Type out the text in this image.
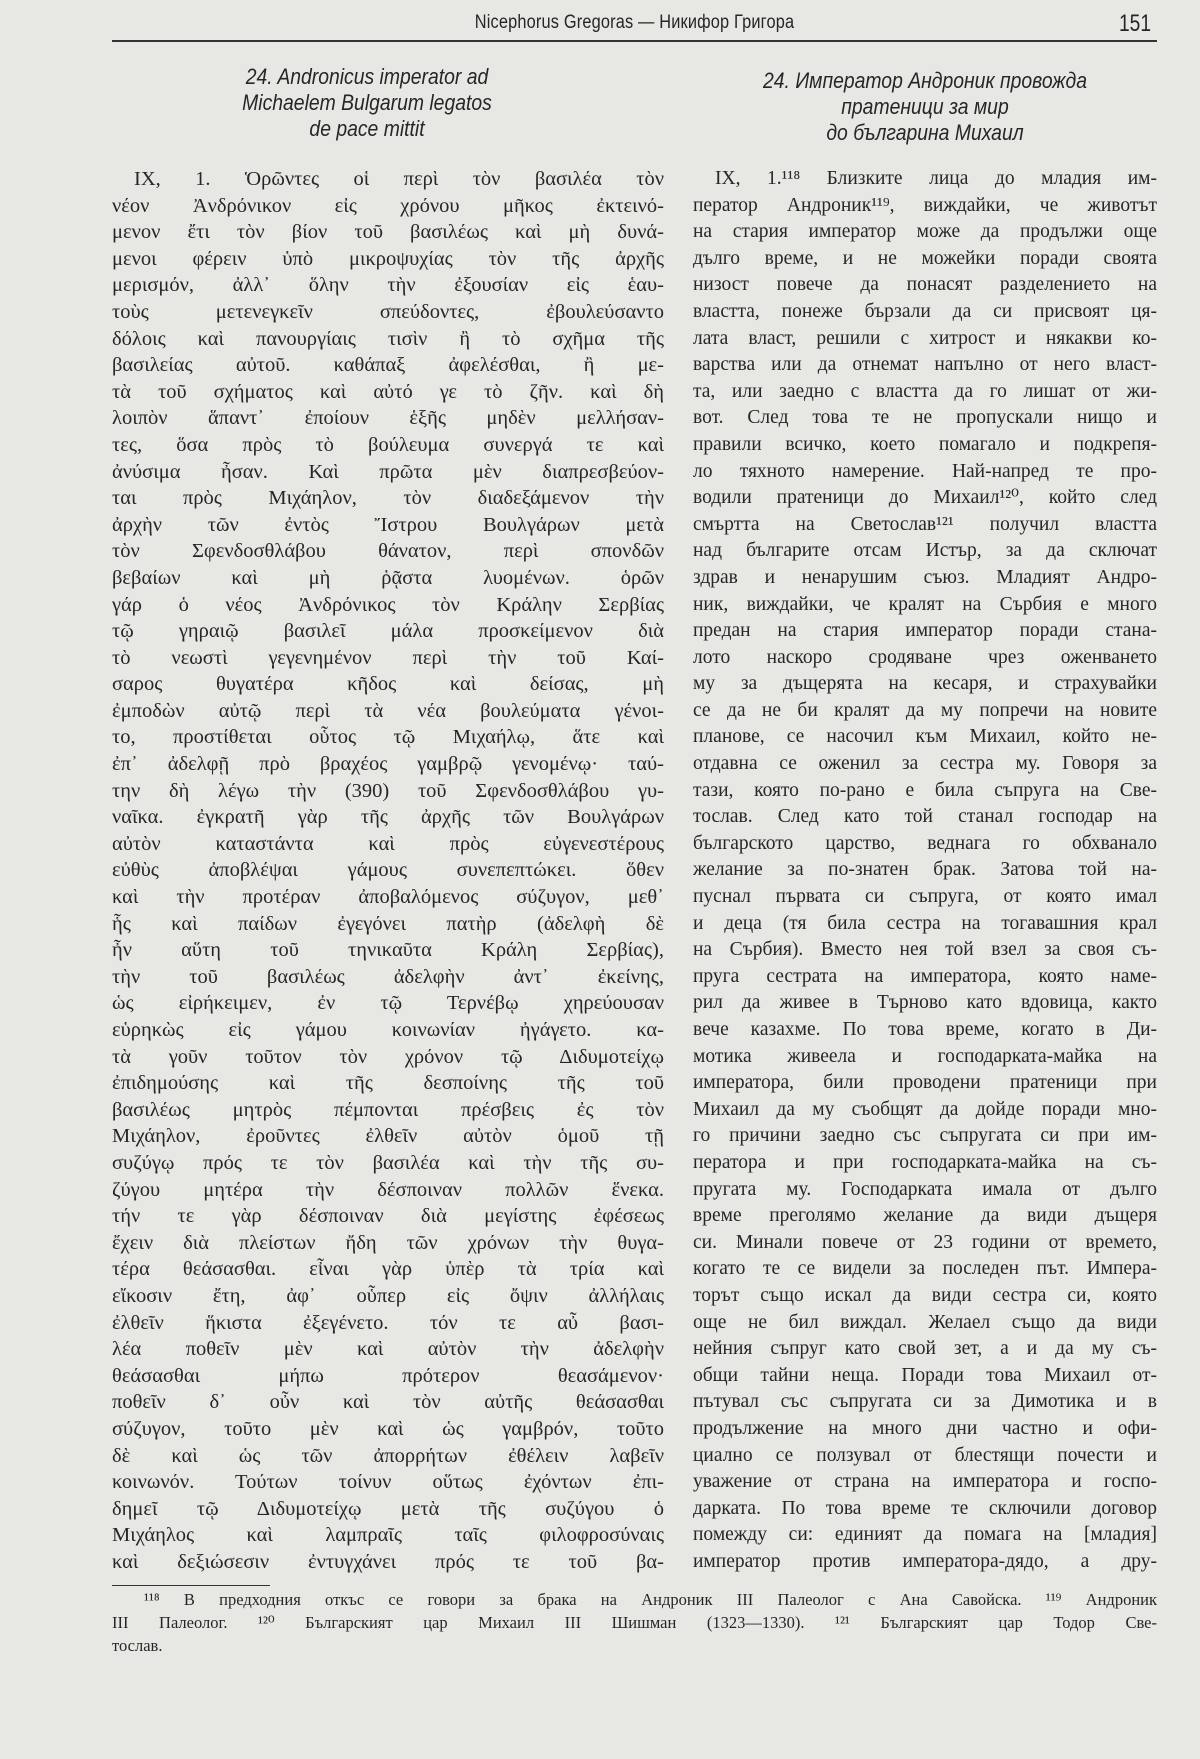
Nicephorus Gregoras — Никифор Григора	151
24. Andronicus imperator ad
Michaelem Bulgarum legatos
de pace mittit
24. Император Андроник провожда
пратеници за мир
до българина Михаил
IX, 1. Ὁρῶντες οἱ περὶ τὸν βασιλέα τὸν
νέον Ἀνδρόνικον εἰς χρόνου μῆκος ἐκτεινό-
μενον ἔτι τὸν βίον τοῦ βασιλέως καὶ μὴ δυνά-
μενοι φέρειν ὑπὸ μικροψυχίας τὸν τῆς ἀρχῆς
μερισμόν, ἀλλ᾽ ὅλην τὴν ἐξουσίαν εἰς ἑαυ-
τοὺς μετενεγκεῖν σπεύδοντες, ἐβουλεύσαντο
δόλοις καὶ πανουργίαις τισὶν ἢ τὸ σχῆμα τῆς
βασιλείας αὐτοῦ. καθάπαξ ἀφελέσθαι, ἢ με-
τὰ τοῦ σχήματος καὶ αὐτό γε τὸ ζῆν. καὶ δὴ
λοιπὸν ἅπαντ᾽ ἐποίουν ἑξῆς μηδὲν μελλήσαν-
τες, ὅσα πρὸς τὸ βούλευμα συνεργά τε καὶ
ἀνύσιμα ἦσαν. Καὶ πρῶτα μὲν διαπρεσβεύον-
ται πρὸς Μιχάηλον, τὸν διαδεξάμενον τὴν
ἀρχὴν τῶν ἐντὸς Ἴστρου Βουλγάρων μετὰ
τὸν Σφενδοσθλάβου θάνατον, περὶ σπονδῶν
βεβαίων καὶ μὴ ῥᾷστα λυομένων. ὁρῶν
γάρ ὁ νέος Ἀνδρόνικος τὸν Κράλην Σερβίας
τῷ γηραιῷ βασιλεῖ μάλα προσκείμενον διὰ
τὸ νεωστὶ γεγενημένον περὶ τὴν τοῦ Καί-
σαρος θυγατέρα κῆδος καὶ δείσας, μὴ
ἐμποδὼν αὐτῷ περὶ τὰ νέα βουλεύματα γένοι-
το, προστίθεται οὗτος τῷ Μιχαήλῳ, ἅτε καὶ
ἐπ᾽ ἀδελφῇ πρὸ βραχέος γαμβρῷ γενομένῳ· ταύ-
την δὴ λέγω τὴν (390) τοῦ Σφενδοσθλάβου γυ-
ναῖκα. ἐγκρατῆ γὰρ τῆς ἀρχῆς τῶν Βουλγάρων
αὐτὸν καταστάντα καὶ πρὸς εὐγενεστέρους
εὐθὺς ἀποβλέψαι γάμους συνεπεπτώκει. ὅθεν
καὶ τὴν προτέραν ἀποβαλόμενος σύζυγον, μεθ᾽
ἧς καὶ παίδων ἐγεγόνει πατὴρ (ἀδελφὴ δὲ
ἦν αὕτη τοῦ τηνικαῦτα Κράλη Σερβίας),
τὴν τοῦ βασιλέως ἀδελφὴν ἀντ᾽ ἐκείνης,
ὡς εἰρήκειμεν, ἐν τῷ Τερνέβῳ χηρεύουσαν
εὑρηκὼς εἰς γάμου κοινωνίαν ἠγάγετο. κα-
τὰ γοῦν τοῦτον τὸν χρόνον τῷ Διδυμοτείχῳ
ἐπιδημούσης καὶ τῆς δεσποίνης τῆς τοῦ
βασιλέως μητρὸς πέμπονται πρέσβεις ἐς τὸν
Μιχάηλον, ἐροῦντες ἐλθεῖν αὐτὸν ὁμοῦ τῇ
συζύγῳ πρός τε τὸν βασιλέα καὶ τὴν τῆς συ-
ζύγου μητέρα τὴν δέσποιναν πολλῶν ἕνεκα.
τήν τε γὰρ δέσποιναν διὰ μεγίστης ἐφέσεως
ἔχειν διὰ πλείστων ἤδη τῶν χρόνων τὴν θυγα-
τέρα θεάσασθαι. εἶναι γὰρ ὑπὲρ τὰ τρία καὶ
εἴκοσιν ἔτη, ἀφ᾽ οὗπερ εἰς ὄψιν ἀλλήλαις
ἐλθεῖν ἥκιστα ἐξεγένετο. τόν τε αὖ βασι-
λέα ποθεῖν μὲν καὶ αὐτὸν τὴν ἀδελφὴν
θεάσασθαι μήπω πρότερον θεασάμενον·
ποθεῖν δ᾽ οὖν καὶ τὸν αὐτῆς θεάσασθαι
σύζυγον, τοῦτο μὲν καὶ ὡς γαμβρόν, τοῦτο
δὲ καὶ ὡς τῶν ἀπορρήτων ἐθέλειν λαβεῖν
κοινωνόν. Τούτων τοίνυν οὕτως ἐχόντων ἐπι-
δημεῖ τῷ Διδυμοτείχῳ μετὰ τῆς συζύγου ὁ
Μιχάηλος καὶ λαμπραῖς ταῖς φιλοφροσύναις
καὶ δεξιώσεσιν ἐντυγχάνει πρός τε τοῦ βα-
IX, 1.¹¹⁸ Близките лица до младия им-
ператор Андроник¹¹⁹, виждайки, че животът
на стария император може да продължи още
дълго време, и не можейки поради своята
низост повече да понасят разделението на
властта, понеже бързали да си присвоят ця-
лата власт, решили с хитрост и някакви ко-
варства или да отнемат напълно от него власт-
та, или заедно с властта да го лишат от жи-
вот. След това те не пропускали нищо и
правили всичко, което помагало и подкрепя-
ло тяхното намерение. Най-напред те про-
водили пратеници до Михаил¹²⁰, който след
смъртта на Светослав¹²¹ получил властта
над българите отсам Истър, за да сключат
здрав и ненарушим съюз. Младият Андро-
ник, виждайки, че кралят на Сърбия е много
предан на стария император поради стана-
лото наскоро сродяване чрез оженването
му за дъщерята на кесаря, и страхувайки
се да не би кралят да му попречи на новите
планове, се насочил към Михаил, който не-
отдавна се оженил за сестра му. Говоря за
тази, която по-рано е била съпруга на Све-
тослав. След като той станал господар на
българското царство, веднага го обхванало
желание за по-знатен брак. Затова той на-
пуснал първата си съпруга, от която имал
и деца (тя била сестра на тогавашния крал
на Сърбия). Вместо нея той взел за своя съ-
пруга сестрата на императора, която наме-
рил да живее в Търново като вдовица, както
вече казахме. По това време, когато в Ди-
мотика живеела и господарката-майка на
императора, били проводени пратеници при
Михаил да му съобщят да дойде поради мно-
го причини заедно със съпругата си при им-
ператора и при господарката-майка на съ-
пругата му. Господарката имала от дълго
време преголямо желание да види дъщеря
си. Минали повече от 23 години от времето,
когато те се видели за последен път. Импера-
торът също искал да види сестра си, която
още не бил виждал. Желаел също да види
нейния съпруг като свой зет, а и да му съ-
общи тайни неща. Поради това Михаил от-
пътувал със съпругата си за Димотика и в
продължение на много дни частно и офи-
циално се ползувал от блестящи почести и
уважение от страна на императора и госпо-
дарката. По това време те сключили договор
помежду си: единият да помага на [младия]
император против императора-дядо, а дру-
¹¹⁸ В предходния откъс се говори за брака на Андроник III Палеолог с Ана Савойска. ¹¹⁹ Андроник
III Палеолог. ¹²⁰ Българският цар Михаил III Шишман (1323—1330). ¹²¹ Българският цар Тодор Све-
тослав.
